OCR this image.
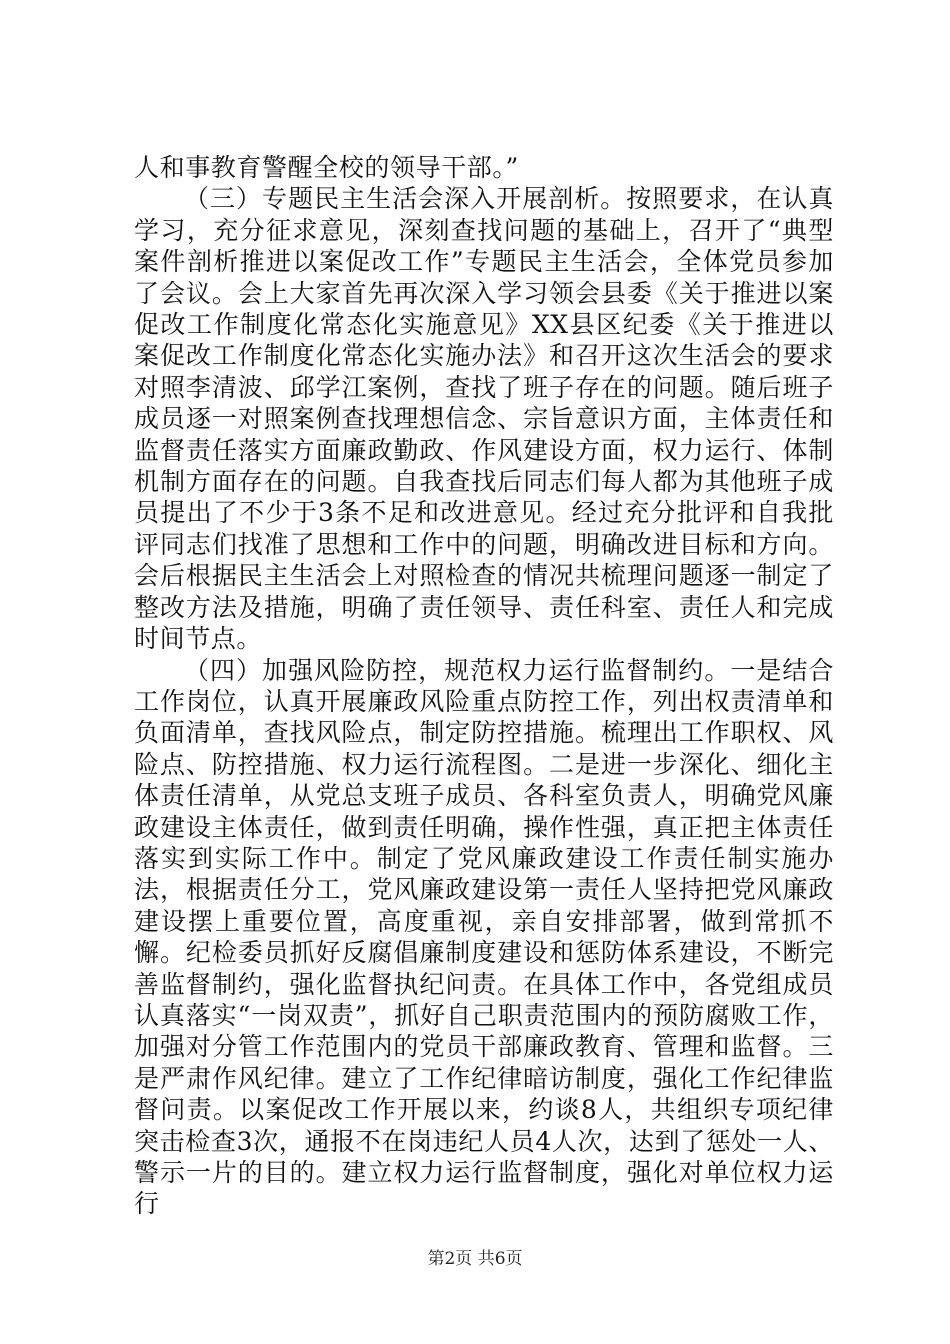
人和事教育警醒全校的领导干部。”

（三）专题民主生活会深入开展剖析。按照要求，在认真学习，充分征求意见，深刻查找问题的基础上，召开了“典型案件剖析推进以案促改工作”专题民主生活会，全体党员参加了会议。会上大家首先再次深入学习领会县委《关于推进以案促改工作制度化常态化实施意见》XX县区纪委《关于推进以案促改工作制度化常态化实施办法》和召开这次生活会的要求对照李清波、邱学江案例，查找了班子存在的问题。随后班子成员逐一对照案例查找理想信念、宗旨意识方面，主体责任和监督责任落实方面廉政勤政、作风建设方面，权力运行、体制机制方面存在的问题。自我查找后同志们每人都为其他班子成员提出了不少于3条不足和改进意见。经过充分批评和自我批评同志们找准了思想和工作中的问题，明确改进目标和方向。会后根据民主生活会上对照检查的情况共梳理问题逐一制定了整改方法及措施，明确了责任领导、责任科室、责任人和完成时间节点。

（四）加强风险防控，规范权力运行监督制约。一是结合工作岗位，认真开展廉政风险重点防控工作，列出权责清单和负面清单，查找风险点，制定防控措施。梳理出工作职权、风险点、防控措施、权力运行流程图。二是进一步深化、细化主体责任清单，从党总支班子成员、各科室负责人，明确党风廉政建设主体责任，做到责任明确，操作性强，真正把主体责任落实到实际工作中。制定了党风廉政建设工作责任制实施办法，根据责任分工，党风廉政建设第一责任人坚持把党风廉政建设摆上重要位置，高度重视，亲自安排部署，做到常抓不懈。纪检委员抓好反腐倡廉制度建设和惩防体系建设，不断完善监督制约，强化监督执纪问责。在具体工作中，各党组成员认真落实“一岗双责”，抓好自己职责范围内的预防腐败工作，加强对分管工作范围内的党员干部廉政教育、管理和监督。三是严肃作风纪律。建立了工作纪律暗访制度，强化工作纪律监督问责。以案促改工作开展以来，约谈8人，共组织专项纪律突击检查3次，通报不在岗违纪人员4人次，达到了惩处一人、警示一片的目的。建立权力运行监督制度，强化对单位权力运行

第2页 共6页
